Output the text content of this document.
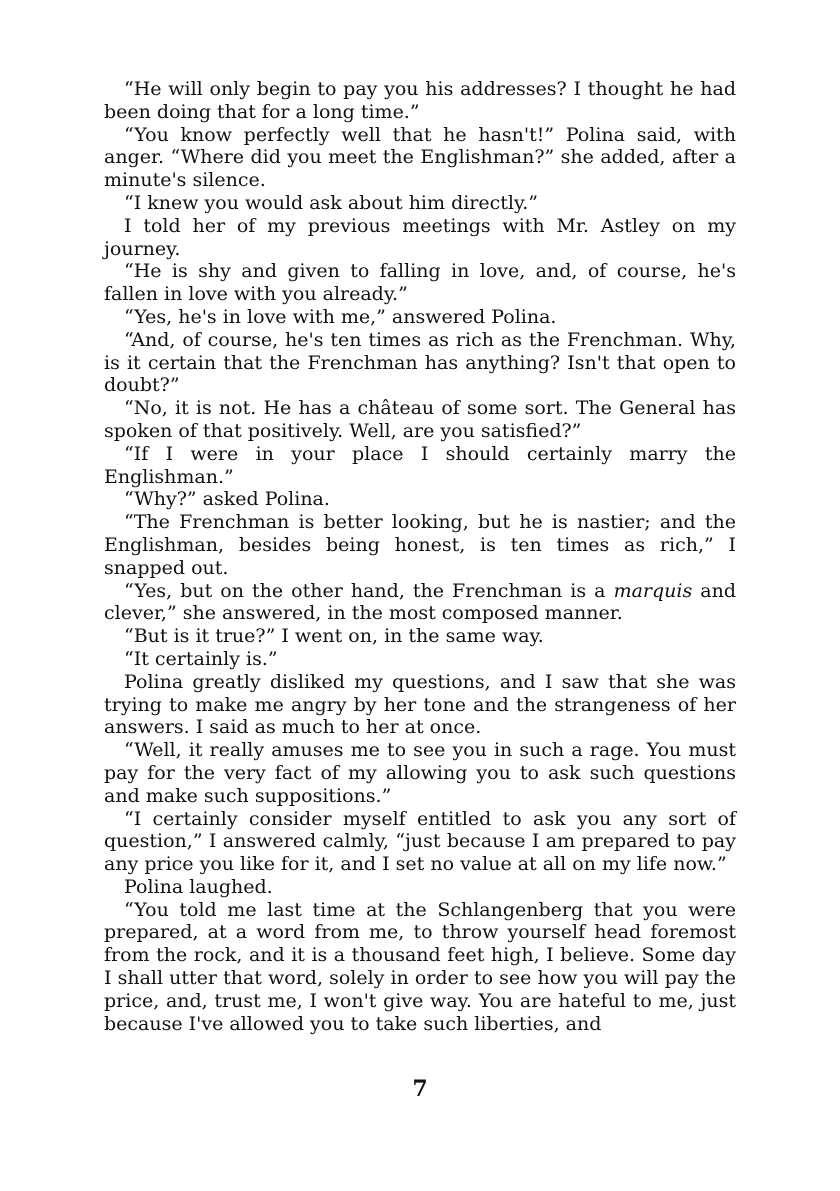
“He will only begin to pay you his addresses? I thought he had been doing that for a long time.”

“You know perfectly well that he hasn't!” Polina said, with anger. “Where did you meet the Englishman?” she added, after a minute's silence.

“I knew you would ask about him directly.”

I told her of my previous meetings with Mr. Astley on my journey.

“He is shy and given to falling in love, and, of course, he's fallen in love with you already.”

“Yes, he's in love with me,” answered Polina.

“And, of course, he's ten times as rich as the Frenchman. Why, is it certain that the Frenchman has anything? Isn't that open to doubt?”

“No, it is not. He has a château of some sort. The General has spoken of that positively. Well, are you satisfied?”

“If I were in your place I should certainly marry the Englishman.”

“Why?” asked Polina.

“The Frenchman is better looking, but he is nastier; and the Englishman, besides being honest, is ten times as rich,” I snapped out.

“Yes, but on the other hand, the Frenchman is a marquis and clever,” she answered, in the most composed manner.

“But is it true?” I went on, in the same way.

“It certainly is.”

Polina greatly disliked my questions, and I saw that she was trying to make me angry by her tone and the strangeness of her answers. I said as much to her at once.

“Well, it really amuses me to see you in such a rage. You must pay for the very fact of my allowing you to ask such questions and make such suppositions.”

“I certainly consider myself entitled to ask you any sort of question,” I answered calmly, “just because I am prepared to pay any price you like for it, and I set no value at all on my life now.”

Polina laughed.

“You told me last time at the Schlangenberg that you were prepared, at a word from me, to throw yourself head foremost from the rock, and it is a thousand feet high, I believe. Some day I shall utter that word, solely in order to see how you will pay the price, and, trust me, I won't give way. You are hateful to me, just because I've allowed you to take such liberties, and

7
